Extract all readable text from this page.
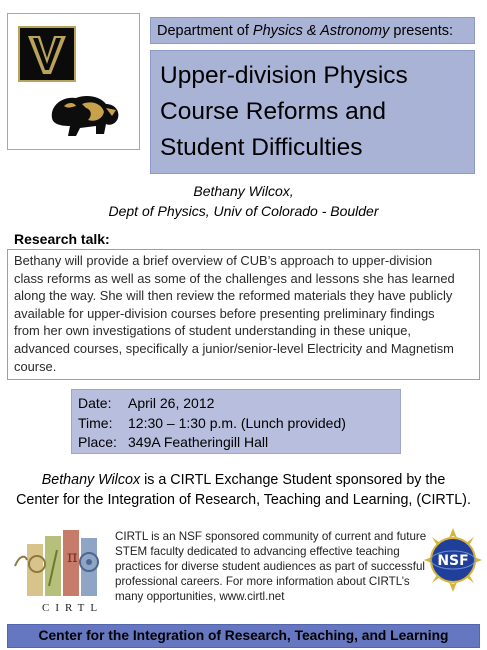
Department of Physics & Astronomy presents:
Upper-division Physics
Course Reforms and
Student Difficulties
Bethany Wilcox,
Dept of Physics, Univ of Colorado - Boulder
Research talk:
Bethany will provide a brief overview of CUB’s approach to upper-division
class reforms as well as some of the challenges and lessons she has learned
along the way. She will then review the reformed materials they have publicly
available for upper-division courses before presenting preliminary findings
from her own investigations of student understanding in these unique,
advanced courses, specifically a junior/senior-level Electricity and Magnetism
course.
Date:	April 26, 2012
Time:	12:30 – 1:30 p.m. (Lunch provided)
Place: 349A Featheringill Hall
Bethany Wilcox is a CIRTL Exchange Student sponsored by the
Center for the Integration of Research, Teaching and Learning, (CIRTL).
π
CIRTL
CIRTL is an NSF sponsored community of current and future
STEM faculty dedicated to advancing effective teaching
practices for diverse student audiences as part of successful
professional careers. For more information about CIRTL’s
many opportunities, www.cirtl.net
NSF
Center for the Integration of Research, Teaching, and Learning
